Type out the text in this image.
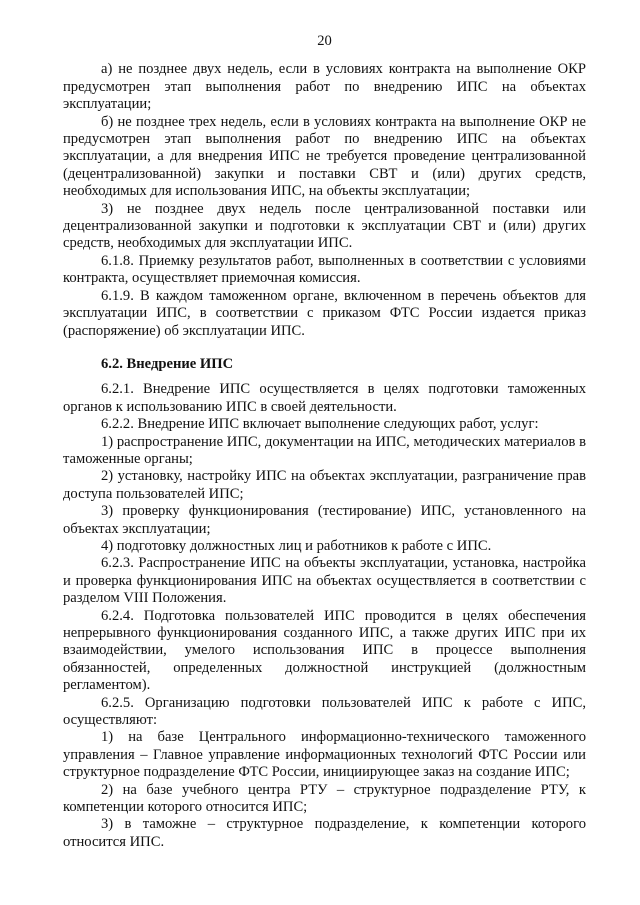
20

а) не позднее двух недель, если в условиях контракта на выполнение ОКР предусмотрен этап выполнения работ по внедрению ИПС на объектах эксплуатации;

б) не позднее трех недель, если в условиях контракта на выполнение ОКР не предусмотрен этап выполнения работ по внедрению ИПС на объектах эксплуатации, а для внедрения ИПС не требуется проведение централизованной (децентрализованной) закупки и поставки СВТ и (или) других средств, необходимых для использования ИПС, на объекты эксплуатации;

3) не позднее двух недель после централизованной поставки или децентрализованной закупки и подготовки к эксплуатации СВТ и (или) других средств, необходимых для эксплуатации ИПС.

6.1.8. Приемку результатов работ, выполненных в соответствии с условиями контракта, осуществляет приемочная комиссия.

6.1.9. В каждом таможенном органе, включенном в перечень объектов для эксплуатации ИПС, в соответствии с приказом ФТС России издается приказ (распоряжение) об эксплуатации ИПС.

6.2. Внедрение ИПС

6.2.1. Внедрение ИПС осуществляется в целях подготовки таможенных органов к использованию ИПС в своей деятельности.

6.2.2. Внедрение ИПС включает выполнение следующих работ, услуг:

1) распространение ИПС, документации на ИПС, методических материалов в таможенные органы;

2) установку, настройку ИПС на объектах эксплуатации, разграничение прав доступа пользователей ИПС;

3) проверку функционирования (тестирование) ИПС, установленного на объектах эксплуатации;

4) подготовку должностных лиц и работников к работе с ИПС.

6.2.3. Распространение ИПС на объекты эксплуатации, установка, настройка и проверка функционирования ИПС на объектах осуществляется в соответствии с разделом VIII Положения.

6.2.4. Подготовка пользователей ИПС проводится в целях обеспечения непрерывного функционирования созданного ИПС, а также других ИПС при их взаимодействии, умелого использования ИПС в процессе выполнения обязанностей, определенных должностной инструкцией (должностным регламентом).

6.2.5. Организацию подготовки пользователей ИПС к работе с ИПС, осуществляют:

1) на базе Центрального информационно-технического таможенного управления – Главное управление информационных технологий ФТС России или структурное подразделение ФТС России, инициирующее заказ на создание ИПС;

2) на базе учебного центра РТУ – структурное подразделение РТУ, к компетенции которого относится ИПС;

3) в таможне – структурное подразделение, к компетенции которого относится ИПС.
